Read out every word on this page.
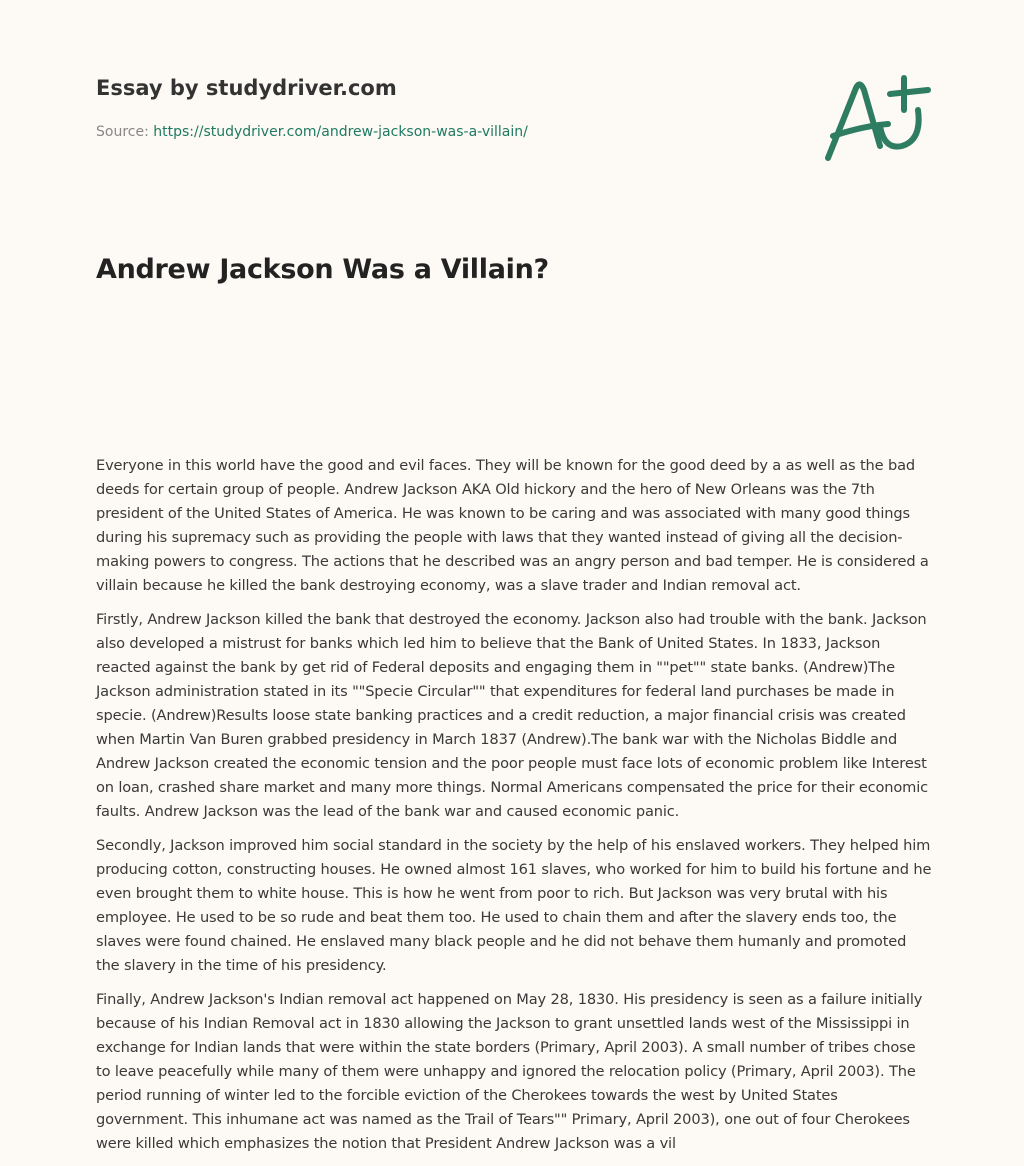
Essay by studydriver.com
Source: https://studydriver.com/andrew-jackson-was-a-villain/
Andrew Jackson Was a Villain?

Everyone in this world have the good and evil faces. They will be known for the good deed by a as well as the bad deeds for certain group of people. Andrew Jackson AKA Old hickory and the hero of New Orleans was the 7th president of the United States of America. He was known to be caring and was associated with many good things during his supremacy such as providing the people with laws that they wanted instead of giving all the decision-making powers to congress. The actions that he described was an angry person and bad temper. He is considered a villain because he killed the bank destroying economy, was a slave trader and Indian removal act.

Firstly, Andrew Jackson killed the bank that destroyed the economy. Jackson also had trouble with the bank. Jackson also developed a mistrust for banks which led him to believe that the Bank of United States. In 1833, Jackson reacted against the bank by get rid of Federal deposits and engaging them in ""pet"" state banks. (Andrew)The Jackson administration stated in its ""Specie Circular"" that expenditures for federal land purchases be made in specie. (Andrew)Results loose state banking practices and a credit reduction, a major financial crisis was created when Martin Van Buren grabbed presidency in March 1837 (Andrew).The bank war with the Nicholas Biddle and Andrew Jackson created the economic tension and the poor people must face lots of economic problem like Interest on loan, crashed share market and many more things. Normal Americans compensated the price for their economic faults. Andrew Jackson was the lead of the bank war and caused economic panic.

Secondly, Jackson improved him social standard in the society by the help of his enslaved workers. They helped him producing cotton, constructing houses. He owned almost 161 slaves, who worked for him to build his fortune and he even brought them to white house. This is how he went from poor to rich. But Jackson was very brutal with his employee. He used to be so rude and beat them too. He used to chain them and after the slavery ends too, the slaves were found chained. He enslaved many black people and he did not behave them humanly and promoted the slavery in the time of his presidency.

Finally, Andrew Jackson's Indian removal act happened on May 28, 1830. His presidency is seen as a failure initially because of his Indian Removal act in 1830 allowing the Jackson to grant unsettled lands west of the Mississippi in exchange for Indian lands that were within the state borders (Primary, April 2003). A small number of tribes chose to leave peacefully while many of them were unhappy and ignored the relocation policy (Primary, April 2003). The period running of winter led to the forcible eviction of the Cherokees towards the west by United States government. This inhumane act was named as the Trail of Tears"" Primary, April 2003), one out of four Cherokees were killed which emphasizes the notion that President Andrew Jackson was a vil
